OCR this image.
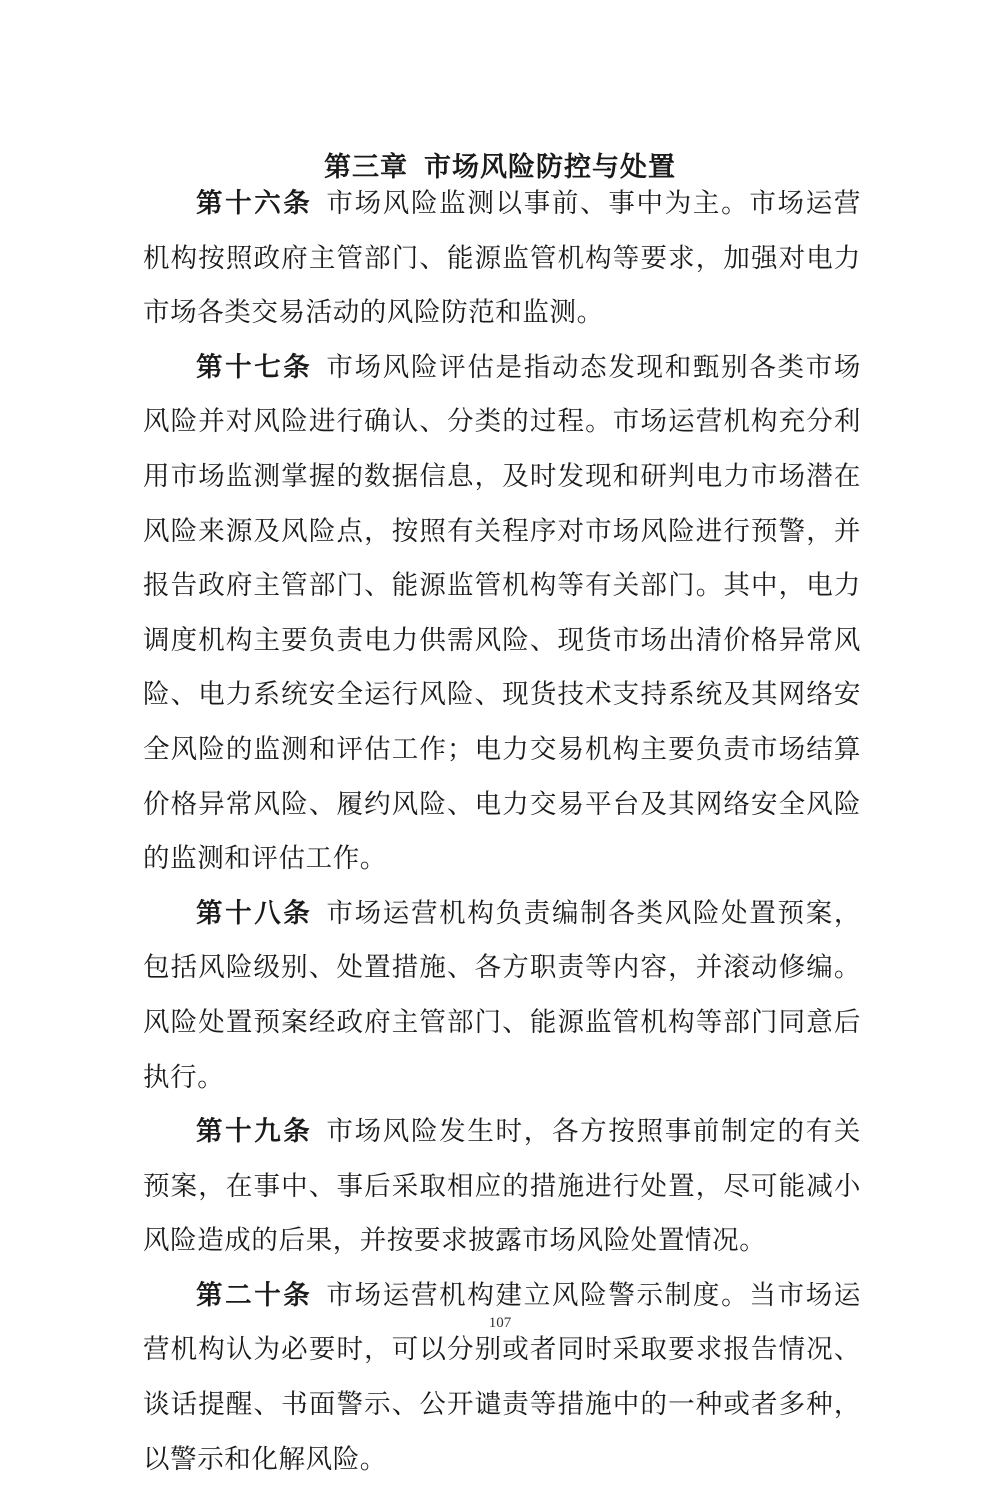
第三章 市场风险防控与处置

第十六条 市场风险监测以事前、事中为主。市场运营机构按照政府主管部门、能源监管机构等要求，加强对电力市场各类交易活动的风险防范和监测。

第十七条 市场风险评估是指动态发现和甄别各类市场风险并对风险进行确认、分类的过程。市场运营机构充分利用市场监测掌握的数据信息，及时发现和研判电力市场潜在风险来源及风险点，按照有关程序对市场风险进行预警，并报告政府主管部门、能源监管机构等有关部门。其中，电力调度机构主要负责电力供需风险、现货市场出清价格异常风险、电力系统安全运行风险、现货技术支持系统及其网络安全风险的监测和评估工作；电力交易机构主要负责市场结算价格异常风险、履约风险、电力交易平台及其网络安全风险的监测和评估工作。

第十八条 市场运营机构负责编制各类风险处置预案，包括风险级别、处置措施、各方职责等内容，并滚动修编。风险处置预案经政府主管部门、能源监管机构等部门同意后执行。

第十九条 市场风险发生时，各方按照事前制定的有关预案，在事中、事后采取相应的措施进行处置，尽可能减小风险造成的后果，并按要求披露市场风险处置情况。

第二十条 市场运营机构建立风险警示制度。当市场运营机构认为必要时，可以分别或者同时采取要求报告情况、谈话提醒、书面警示、公开谴责等措施中的一种或者多种，以警示和化解风险。

107
